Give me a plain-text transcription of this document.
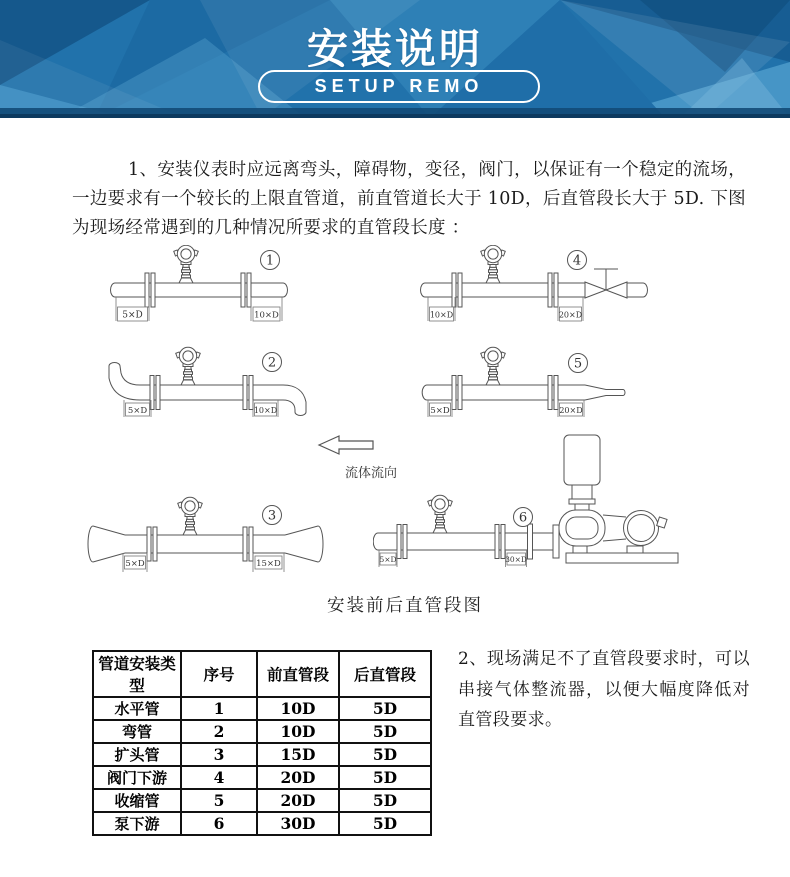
安装说明
SETUP REMO

1、安装仪表时应远离弯头，障碍物，变径，阀门，以保证有一个稳定的流场，一边要求有一个较长的上限直管道，前直管道长大于 10D，后直管段长大于 5D. 下图为现场经常遇到的几种情况所要求的直管段长度 ：

5×D	10×D
1
10×D	20×D
4
5×D	10×D
2
5×D	20×D
5
流体流向
5×D	15×D
3
5×D	30×D
6
安装前后直管段图
管道安装类型	序号	前直管段	后直管段
水平管	1	10D	5D
弯管	2	10D	5D
扩头管	3	15D	5D
阀门下游	4	20D	5D
收缩管	5	20D	5D
泵下游	6	30D	5D

2、现场满足不了直管段要求时，可以串接气体整流器，以便大幅度降低对直管段要求。
